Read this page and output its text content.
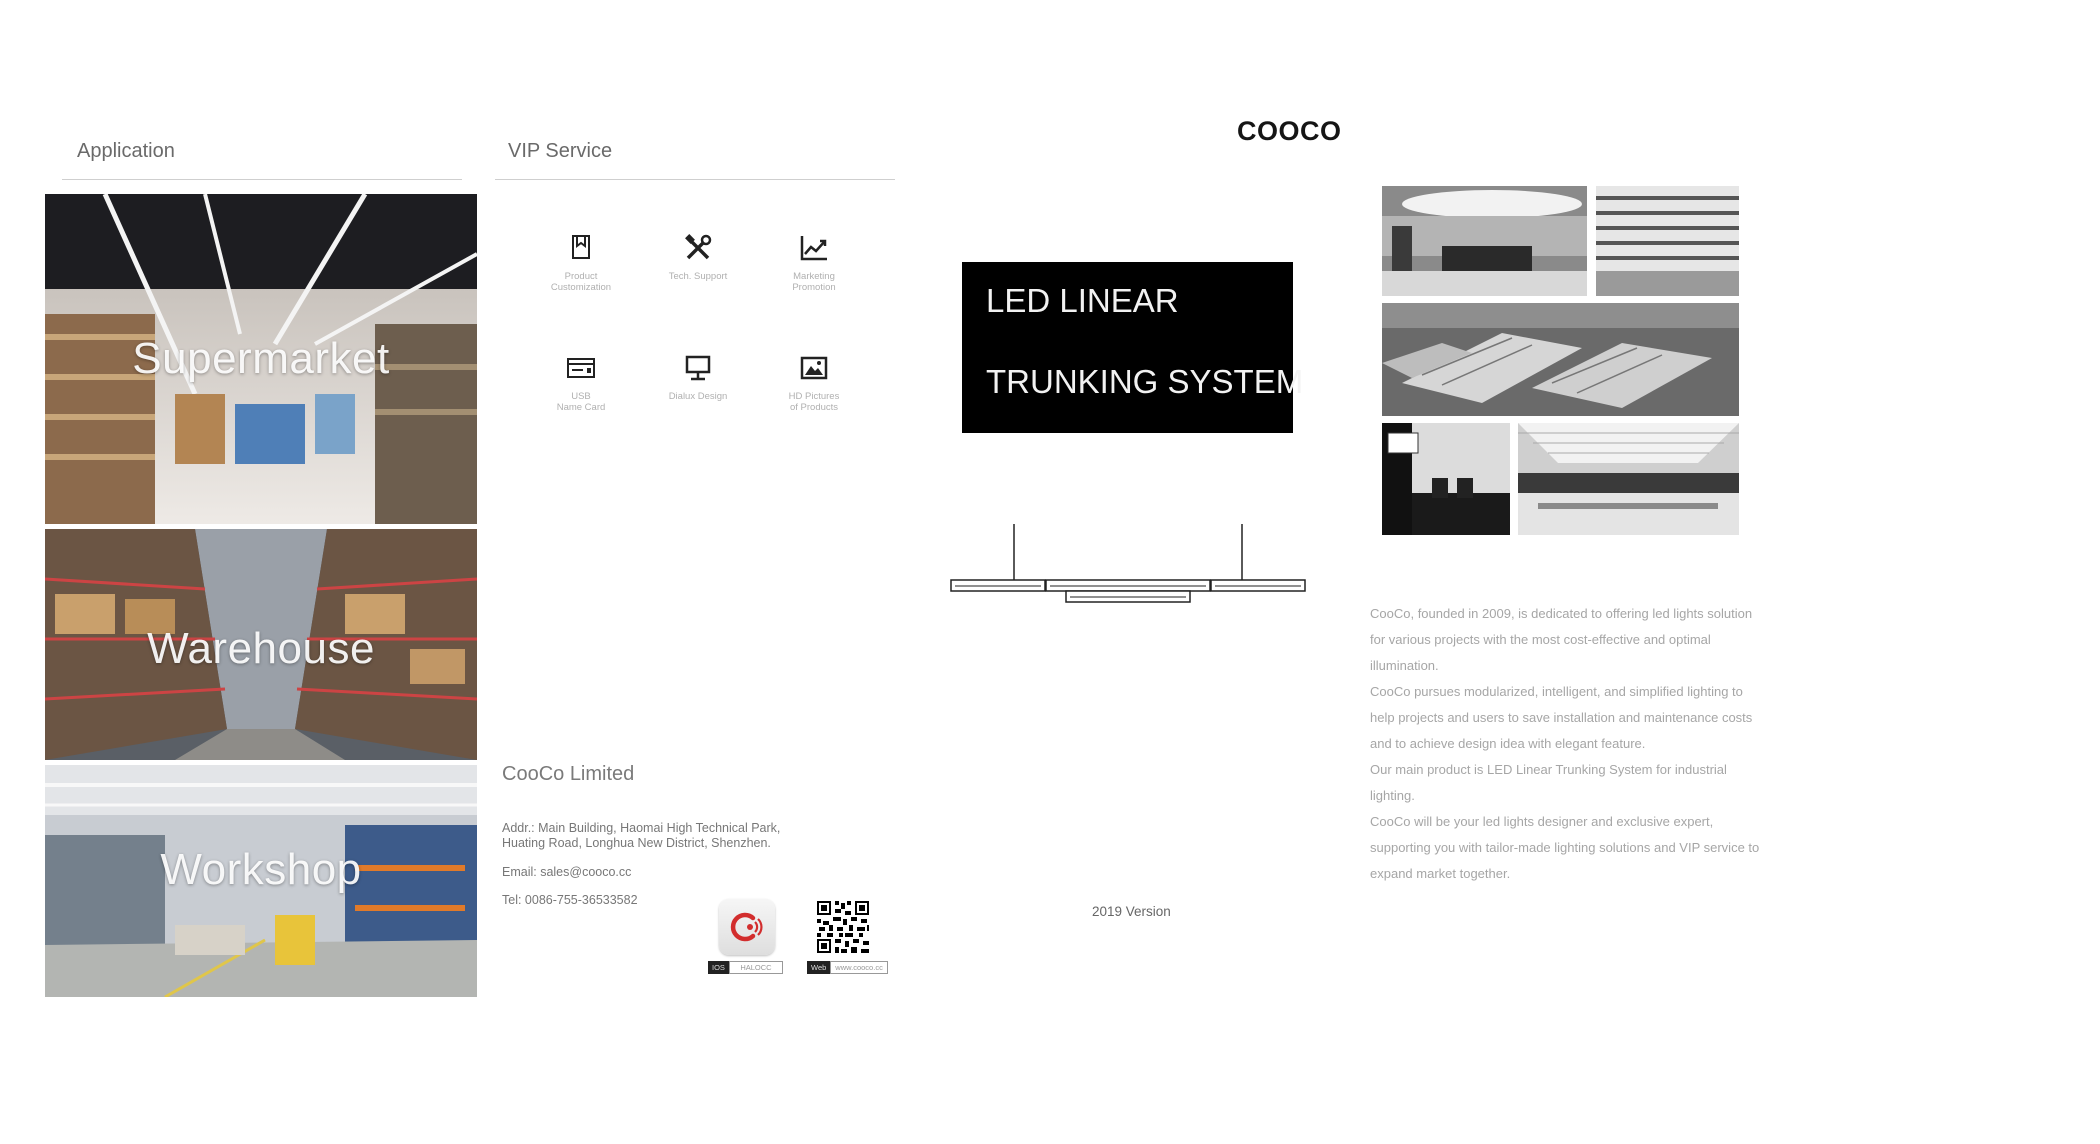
Application
Supermarket
Warehouse
Workshop
VIP Service
Product
Customization
Tech. Support	Marketing
Promotion
USB
Name Card
Dialux Design	HD Pictures
of Products
CooCo Limited
Addr.: Main Building, Haomai High Technical Park,
Huating Road, Longhua New District, Shenzhen.
Email: sales@cooco.cc
Tel: 0086-755-36533582
IOS	HALOCC	Web	www.cooco.cc
COOCO
LED LINEAR
TRUNKING SYSTEM
2019 Version

CooCo, founded in 2009, is dedicated to offering led lights solution for various projects with the most cost-effective and optimal illumination.

CooCo pursues modularized, intelligent, and simplified lighting to help projects and users to save installation and maintenance costs and to achieve design idea with elegant feature.

Our main product is LED Linear Trunking System for industrial lighting.

CooCo will be your led lights designer and exclusive expert, supporting you with tailor-made lighting solutions and VIP service to expand market together.
